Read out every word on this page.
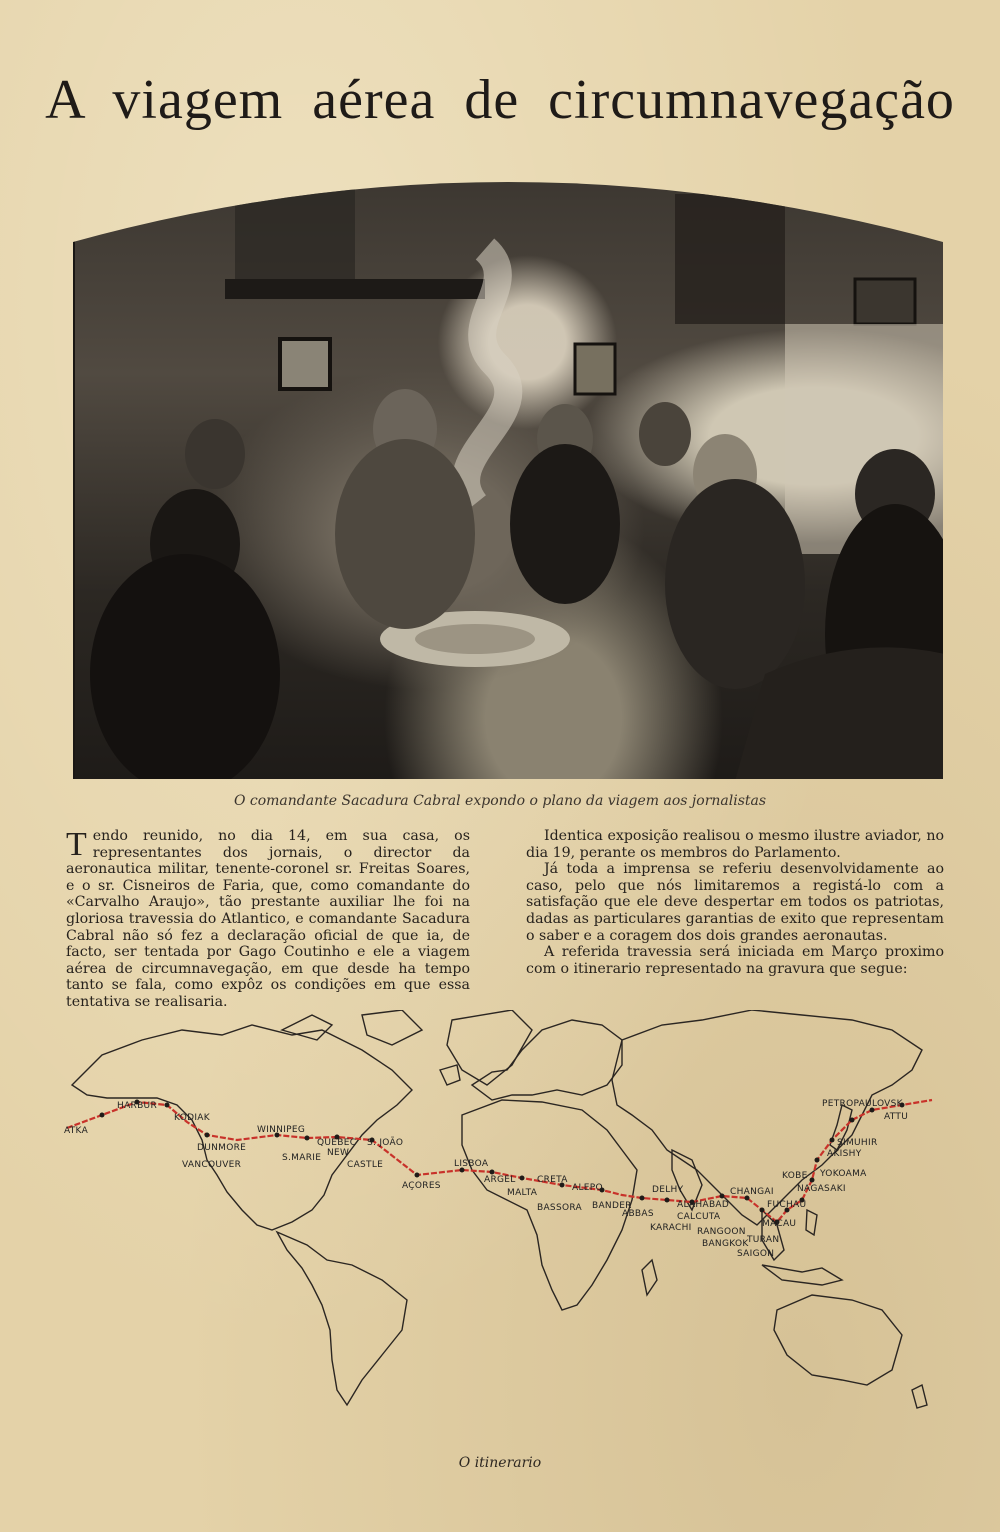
A viagem aérea de circumnavegação

O comandante Sacadura Cabral expondo o plano da viagem aos jornalistas

T endo reunido, no dia 14, em sua casa, os representantes dos jornais, o director da aeronautica militar, tenente-coronel sr. Freitas Soares, e o sr. Cisneiros de Faria, que, como comandante do «Carvalho Araujo», tão prestante auxiliar lhe foi na gloriosa travessia do Atlantico, e comandante Sacadura Cabral não só fez a declaração oficial de que ia, de facto, ser tentada por Gago Coutinho e ele a viagem aérea de circumnavegação, em que desde ha tempo tanto se fala, como expôz os condições em que essa tentativa se realisaria.

Identica exposição realisou o mesmo ilustre aviador, no dia 19, perante os membros do Parlamento.

Já toda a imprensa se referiu desenvolvidamente ao caso, pelo que nós limitaremos a registá-lo com a satisfação que ele deve despertar em todos os patriotas, dadas as particulares garantias de exito que representam o saber e a coragem dos dois grandes aeronautas.

A referida travessia será iniciada em Março proximo com o itinerario representado na gravura que segue:

ATKA
HARBUR
KODIAK
WINNIPEG
DUNMORE	QUEBEC S. JOÃO
VANCOUVER
S.MARIE NEW
CASTLE
AÇORES
LISBOA
ARGEL
MALTA
CRETA
ALEPO
BASSORA BANDER
ABBAS
DELHY
KARACHI
ALAHABAD
CALCUTA
RANGOON
BANGKOK
TURAN
SAIGON
MACAU
FUCHAU
CHANGAI
KOBE
NAGASAKI
YOKOAMA
AKISHY
SIMUHIR
PETROPAULOVSK
ATTU

O itinerario
